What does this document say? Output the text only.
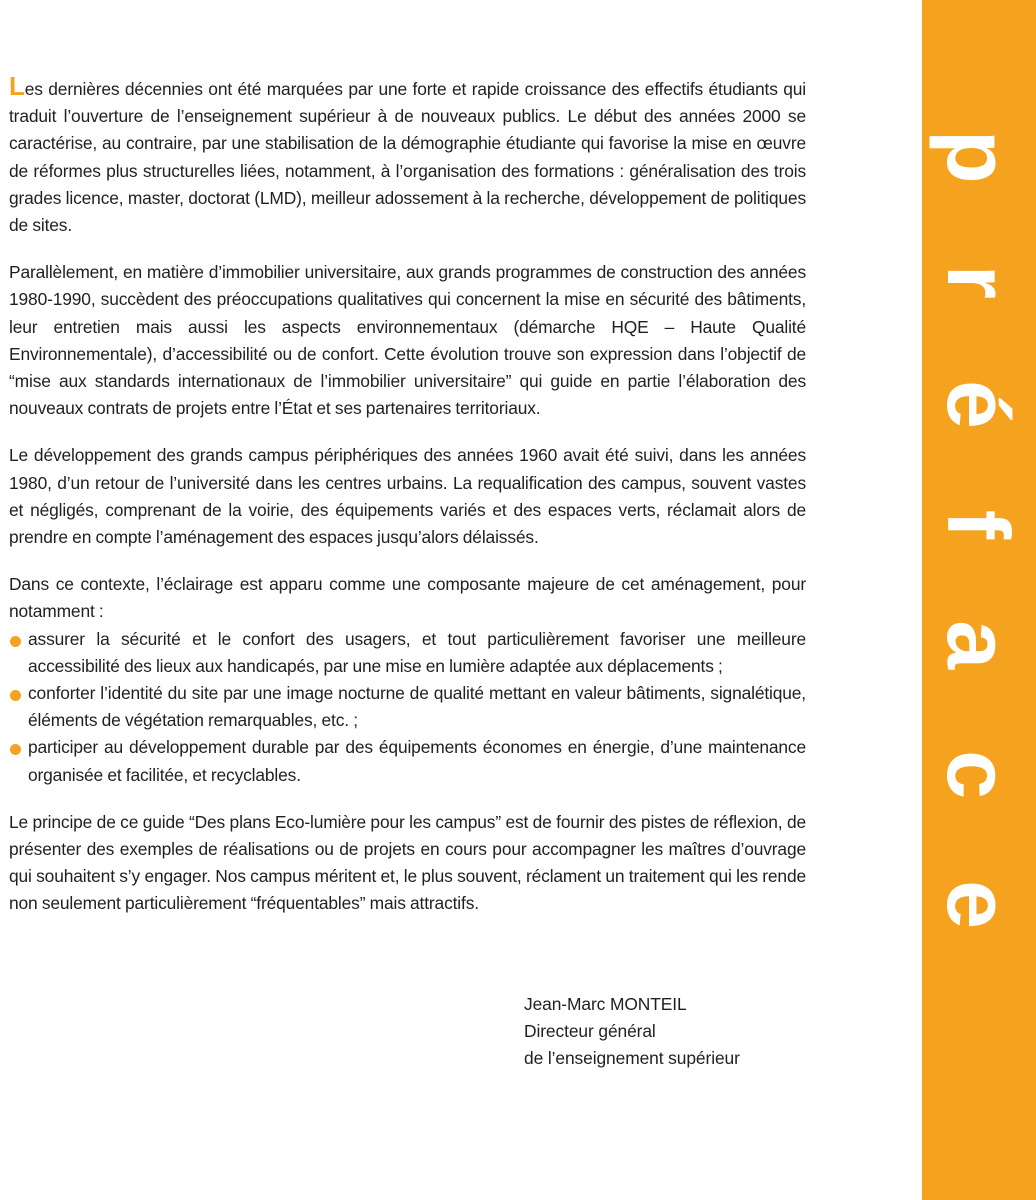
Les dernières décennies ont été marquées par une forte et rapide croissance des effectifs étudiants qui traduit l’ouverture de l’enseignement supérieur à de nouveaux publics. Le début des années 2000 se caractérise, au contraire, par une stabilisation de la démographie étudiante qui favorise la mise en œuvre de réformes plus structurelles liées, notamment, à l’organisation des formations : généralisation des trois grades licence, master, doctorat (LMD), meilleur adossement à la recherche, développement de politiques de sites.

Parallèlement, en matière d’immobilier universitaire, aux grands programmes de construction des années 1980-1990, succèdent des préoccupations qualitatives qui concernent la mise en sécurité des bâtiments, leur entretien mais aussi les aspects environnementaux (démarche HQE – Haute Qualité Environnementale), d’accessibilité ou de confort. Cette évolution trouve son expression dans l’objectif de “mise aux standards internationaux de l’immobilier universitaire” qui guide en partie l’élaboration des nouveaux contrats de projets entre l’État et ses partenaires territoriaux.

Le développement des grands campus périphériques des années 1960 avait été suivi, dans les années 1980, d’un retour de l’université dans les centres urbains. La requalification des campus, souvent vastes et négligés, comprenant de la voirie, des équipements variés et des espaces verts, réclamait alors de prendre en compte l’aménagement des espaces jusqu’alors délaissés.

Dans ce contexte, l’éclairage est apparu comme une composante majeure de cet aménagement, pour notamment :

assurer la sécurité et le confort des usagers, et tout particulièrement favoriser une meilleure accessibilité des lieux aux handicapés, par une mise en lumière adaptée aux déplacements ;
conforter l’identité du site par une image nocturne de qualité mettant en valeur bâtiments, signalétique, éléments de végétation remarquables, etc. ;
participer au développement durable par des équipements économes en énergie, d’une maintenance organisée et facilitée, et recyclables.

Le principe de ce guide “Des plans Eco-lumière pour les campus” est de fournir des pistes de réflexion, de présenter des exemples de réalisations ou de projets en cours pour accompagner les maîtres d’ouvrage qui souhaitent s’y engager. Nos campus méritent et, le plus souvent, réclament un traitement qui les rende non seulement particulièrement “fréquentables” mais attractifs.

Jean-Marc MONTEIL
Directeur général
de l’enseignement supérieur
préface
